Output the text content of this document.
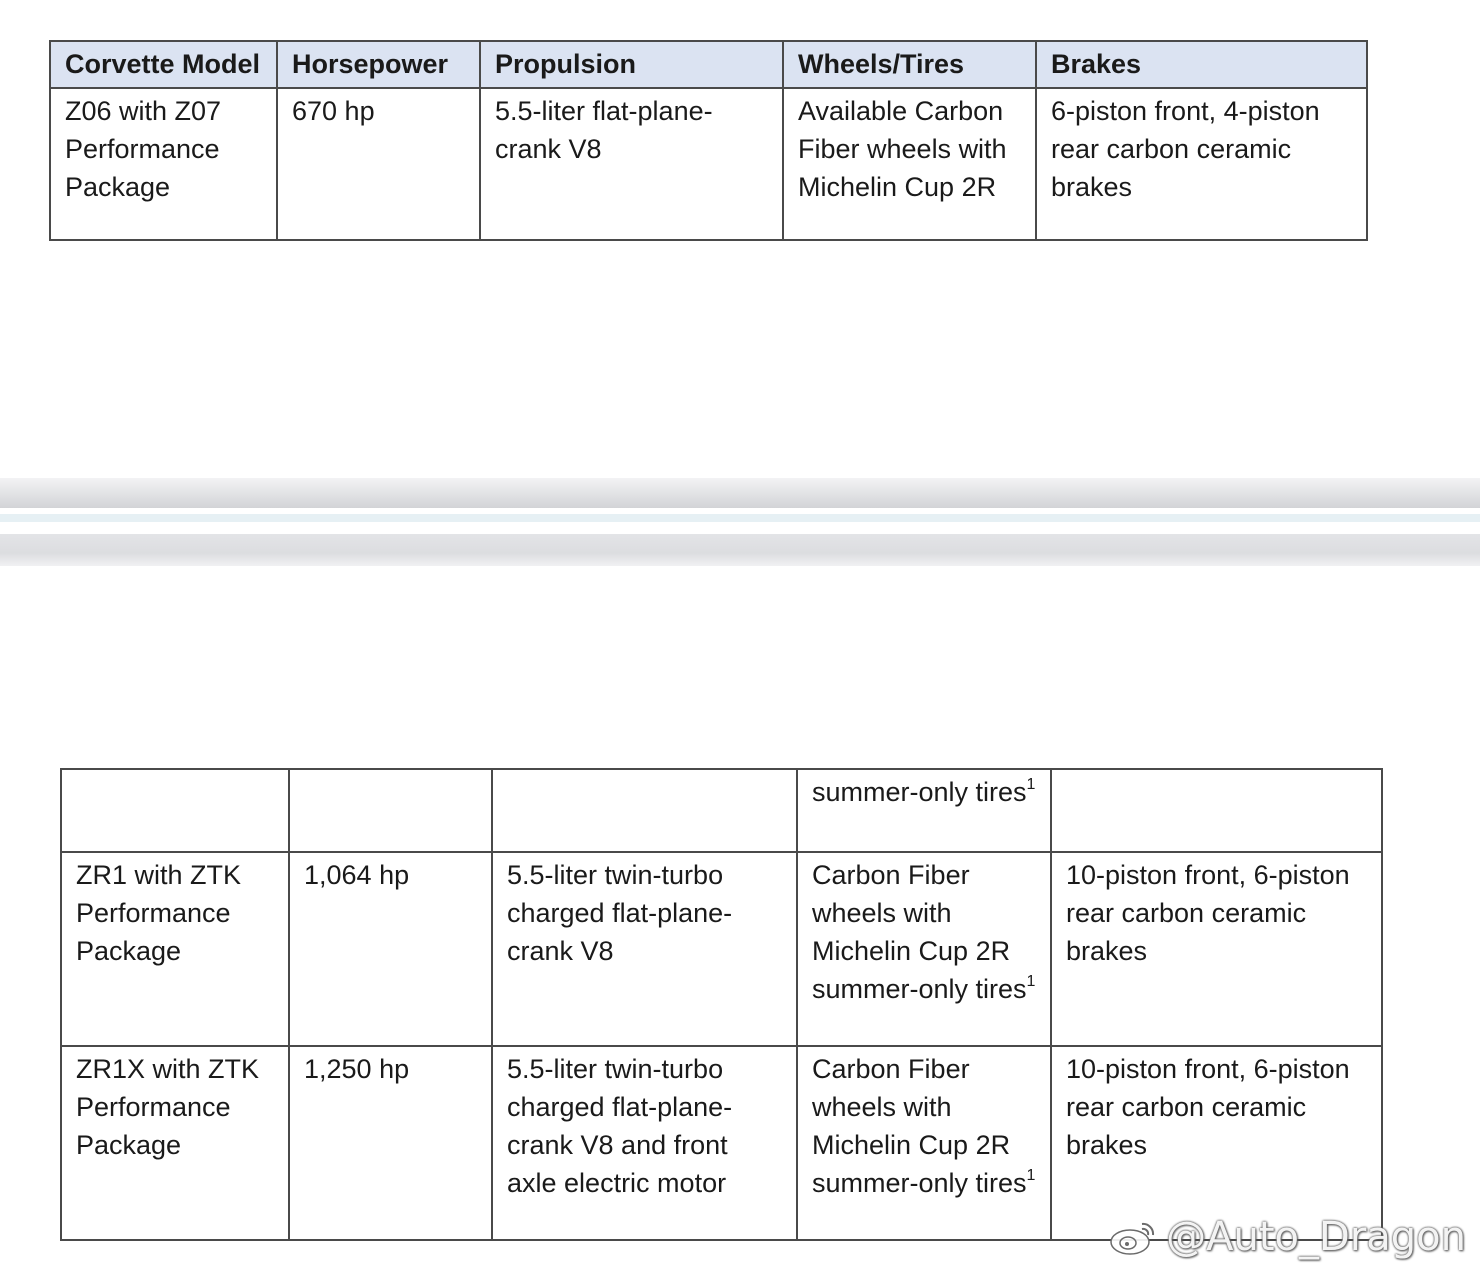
Corvette Model	Horsepower	Propulsion	Wheels/Tires	Brakes
Z06 with Z07 Performance Package	670 hp	5.5-liter flat-plane-crank V8	Available Carbon Fiber wheels with Michelin Cup 2R	6-piston front, 4-piston rear carbon ceramic brakes
			summer-only tires$^1$	
ZR1 with ZTK Performance Package	1,064 hp	5.5-liter twin-turbo charged flat-plane-crank V8	Carbon Fiber wheels with Michelin Cup 2R summer-only tires$^1$	10-piston front, 6-piston rear carbon ceramic brakes
ZR1X with ZTK Performance Package	1,250 hp	5.5-liter twin-turbo charged flat-plane-crank V8 and front axle electric motor	Carbon Fiber wheels with Michelin Cup 2R summer-only tires$^1$	10-piston front, 6-piston rear carbon ceramic brakes
@Auto_Dragon
